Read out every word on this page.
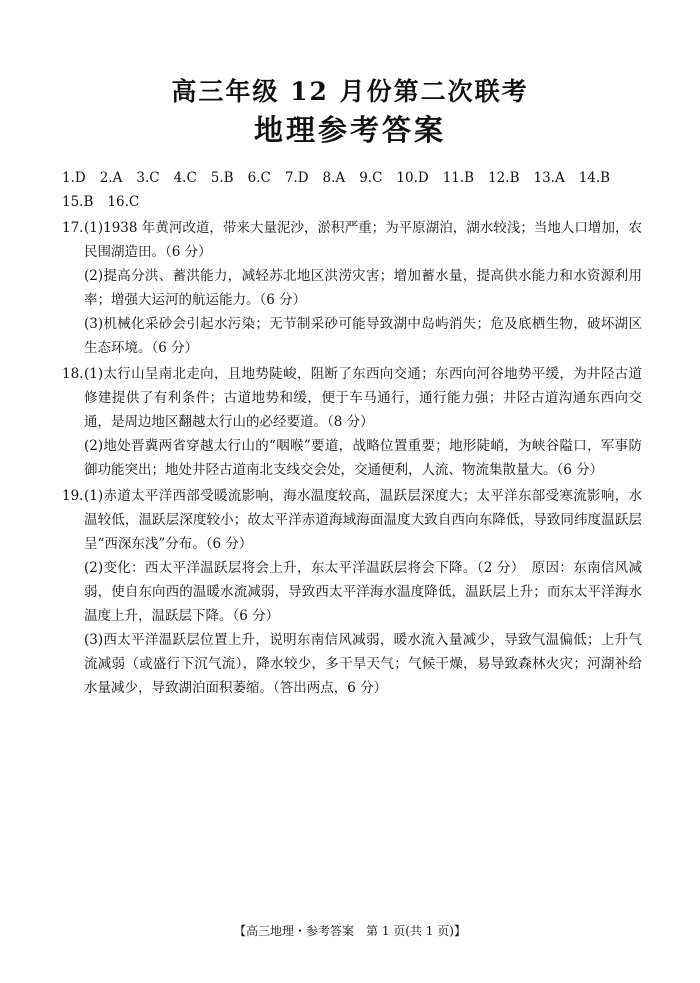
高三年级 12 月份第二次联考
地理参考答案
1.D 2.A 3.C 4.C 5.B 6.C 7.D 8.A 9.C 10.D 11.B 12.B 13.A 14.B
15.B 16.C
17. (1)1938 年黄河改道，带来大量泥沙，淤积严重；为平原湖泊，湖水较浅；当地人口增加，农民围湖造田。（6 分）
(2)提高分洪、蓄洪能力，减轻苏北地区洪涝灾害；增加蓄水量，提高供水能力和水资源利用率；增强大运河的航运能力。（6 分）
(3)机械化采砂会引起水污染；无节制采砂可能导致湖中岛屿消失；危及底栖生物，破坏湖区生态环境。（6 分）
18. (1)太行山呈南北走向，且地势陡峻，阻断了东西向交通；东西向河谷地势平缓，为井陉古道修建提供了有利条件；古道地势和缓，便于车马通行，通行能力强；井陉古道沟通东西向交通，是周边地区翻越太行山的必经要道。（8 分）
(2)地处晋冀两省穿越太行山的“咽喉”要道，战略位置重要；地形陡峭，为峡谷隘口，军事防御功能突出；地处井陉古道南北支线交会处，交通便利，人流、物流集散量大。（6 分）
19. (1)赤道太平洋西部受暖流影响，海水温度较高，温跃层深度大；太平洋东部受寒流影响，水温较低，温跃层深度较小；故太平洋赤道海域海面温度大致自西向东降低，导致同纬度温跃层呈“西深东浅”分布。（6 分）
(2)变化：西太平洋温跃层将会上升，东太平洋温跃层将会下降。（2 分）　原因：东南信风减弱，使自东向西的温暖水流减弱，导致西太平洋海水温度降低，温跃层上升；而东太平洋海水温度上升，温跃层下降。（6 分）
(3)西太平洋温跃层位置上升，说明东南信风减弱，暖水流入量减少，导致气温偏低；上升气流减弱（或盛行下沉气流），降水较少，多干旱天气；气候干燥，易导致森林火灾；河湖补给水量减少，导致湖泊面积萎缩。（答出两点，6 分）
【高三地理・参考答案　第 1 页(共 1 页)】
